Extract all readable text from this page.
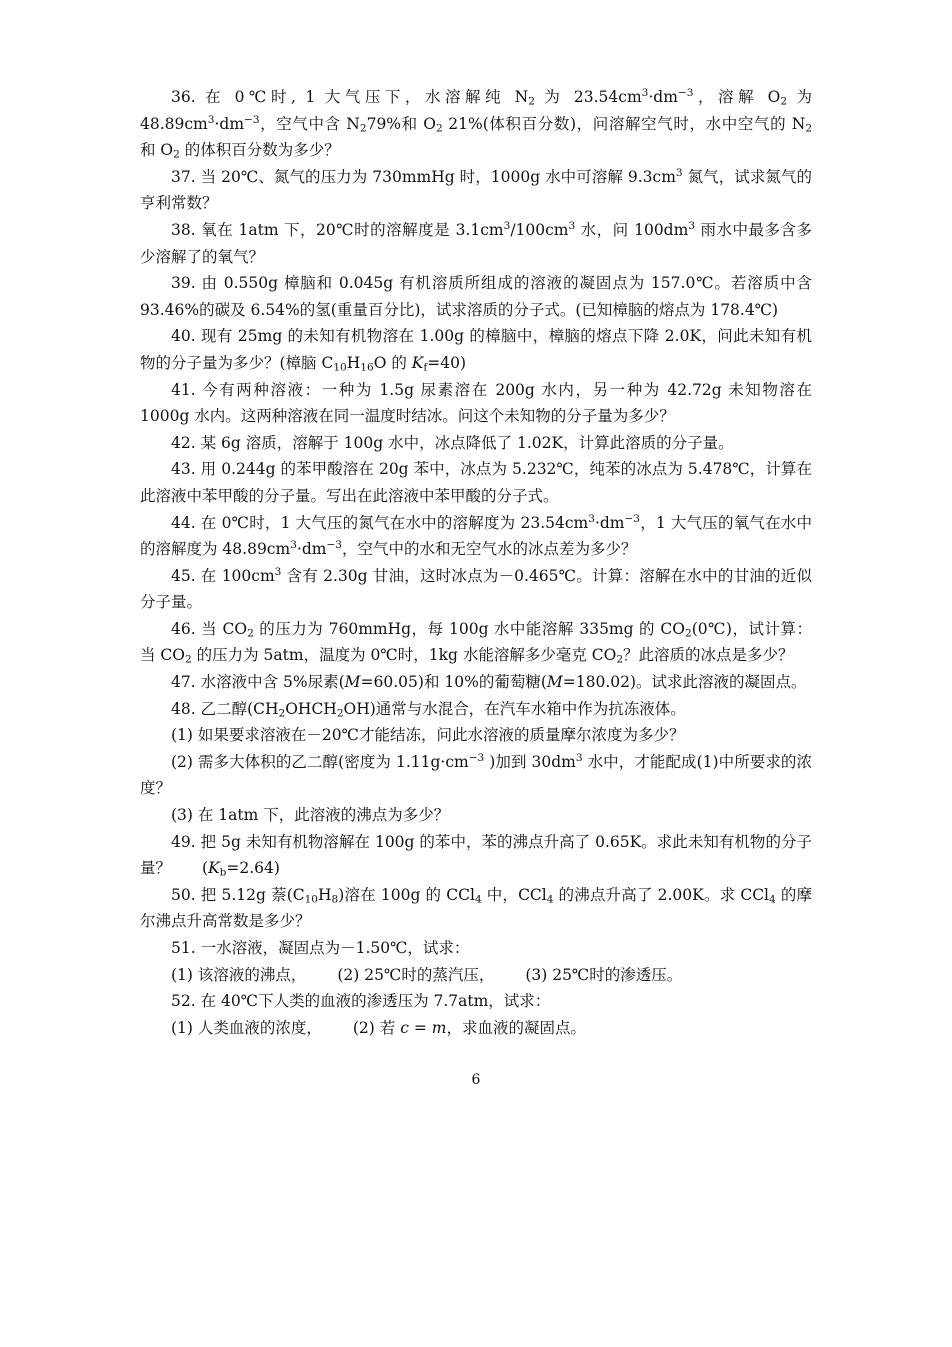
36. 在 0℃时, 1 大气压下，水溶解纯 $N_2$ 为 $23.54cm^3\cdot dm^{-3}$，溶解 $O_2$ 为 $48.89cm^3\cdot dm^{-3}$，空气中含 $N_279\%$和 $O_2$ 21%(体积百分数)，问溶解空气时，水中空气的 $N_2$ 和 $O_2$ 的体积百分数为多少？

37. 当 20℃、氮气的压力为 730mmHg 时，1000g 水中可溶解 $9.3cm^3$ 氮气，试求氮气的亨利常数？

38. 氧在 1atm 下，20℃时的溶解度是 $3.1cm^3/100cm^3$ 水，问 $100dm^3$ 雨水中最多含多少溶解了的氧气？

39. 由 0.550g 樟脑和 0.045g 有机溶质所组成的溶液的凝固点为 157.0℃。若溶质中含 93.46%的碳及 6.54%的氢(重量百分比)，试求溶质的分子式。(已知樟脑的熔点为 178.4℃)

40. 现有 25mg 的未知有机物溶在 1.00g 的樟脑中，樟脑的熔点下降 2.0K，问此未知有机物的分子量为多少？(樟脑 $C_{10}H_{16}O$ 的 $K_f=40$)

41. 今有两种溶液：一种为 1.5g 尿素溶在 200g 水内，另一种为 42.72g 未知物溶在 1000g 水内。这两种溶液在同一温度时结冰。问这个未知物的分子量为多少？

42. 某 6g 溶质，溶解于 100g 水中，冰点降低了 1.02K，计算此溶质的分子量。

43. 用 0.244g 的苯甲酸溶在 20g 苯中，冰点为 5.232℃，纯苯的冰点为 5.478℃，计算在此溶液中苯甲酸的分子量。写出在此溶液中苯甲酸的分子式。

44. 在 0℃时，1 大气压的氮气在水中的溶解度为 $23.54cm^3\cdot dm^{-3}$，1 大气压的氧气在水中的溶解度为 $48.89cm^3\cdot dm^{-3}$，空气中的水和无空气水的冰点差为多少？

45. 在 $100cm^3$ 含有 2.30g 甘油，这时冰点为－0.465℃。计算：溶解在水中的甘油的近似分子量。

46. 当 $CO_2$ 的压力为 760mmHg，每 100g 水中能溶解 335mg 的 $CO_2(0℃)$，试计算：当 $CO_2$ 的压力为 5atm，温度为 0℃时，1kg 水能溶解多少毫克 $CO_2$？此溶质的冰点是多少？

47. 水溶液中含 5%尿素(M=60.05)和 10%的葡萄糖(M=180.02)。试求此溶液的凝固点。

48. 乙二醇$(CH_2OHCH_2OH)$通常与水混合，在汽车水箱中作为抗冻液体。

(1) 如果要求溶液在－20℃才能结冻，问此水溶液的质量摩尔浓度为多少？

(2) 需多大体积的乙二醇(密度为 $1.11g\cdot cm^{-3}$ )加到 $30dm^3$ 水中，才能配成(1)中所要求的浓度？

(3) 在 1atm 下，此溶液的沸点为多少？

49. 把 5g 未知有机物溶解在 100g 的苯中，苯的沸点升高了 0.65K。求此未知有机物的分子量？  $(K_b=2.64)$

50. 把 5.12g 萘$(C_{10}H_8)$溶在 100g 的 CCl$_4$ 中，CCl$_4$ 的沸点升高了 2.00K。求 CCl$_4$ 的摩尔沸点升高常数是多少？

51. 一水溶液，凝固点为－1.50℃，试求：

(1) 该溶液的沸点，  (2) 25℃时的蒸汽压，  (3) 25℃时的渗透压。

52. 在 40℃下人类的血液的渗透压为 7.7atm，试求：

(1) 人类血液的浓度，  (2) 若 c = m，求血液的凝固点。

6
